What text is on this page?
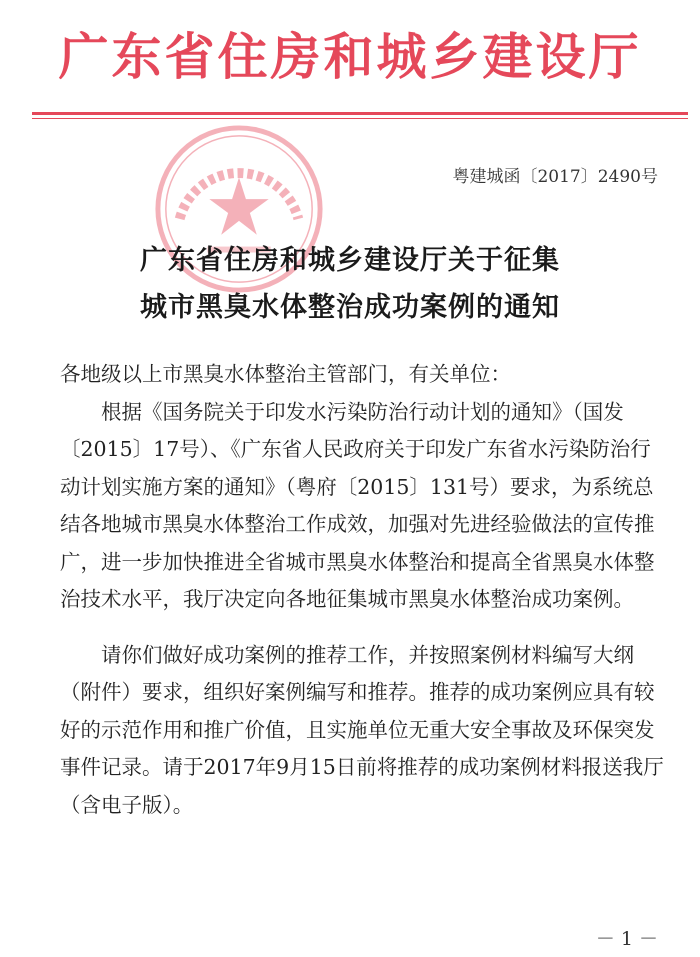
广东省住房和城乡建设厅
粤建城函〔2017〕2490号
广东省住房和城乡建设厅关于征集
城市黑臭水体整治成功案例的通知

各地级以上市黑臭水体整治主管部门，有关单位：

根据《国务院关于印发水污染防治行动计划的通知》（国发〔2015〕17号）、《广东省人民政府关于印发广东省水污染防治行动计划实施方案的通知》（粤府〔2015〕131号）要求，为系统总结各地城市黑臭水体整治工作成效，加强对先进经验做法的宣传推广，进一步加快推进全省城市黑臭水体整治和提高全省黑臭水体整治技术水平，我厅决定向各地征集城市黑臭水体整治成功案例。

请你们做好成功案例的推荐工作，并按照案例材料编写大纲（附件）要求，组织好案例编写和推荐。推荐的成功案例应具有较好的示范作用和推广价值，且实施单位无重大安全事故及环保突发事件记录。请于2017年9月15日前将推荐的成功案例材料报送我厅（含电子版）。

－ 1 －
